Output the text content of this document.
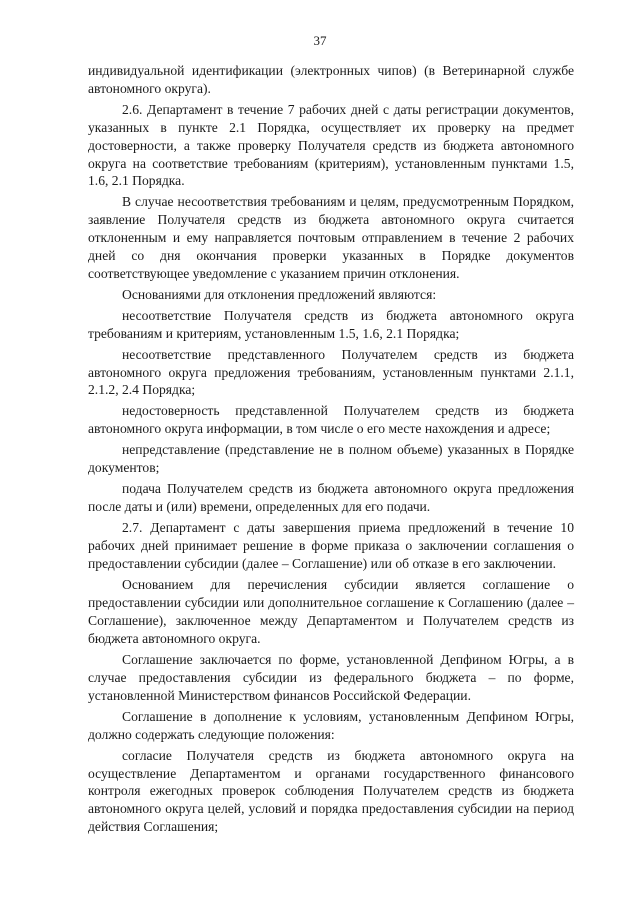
37

индивидуальной идентификации (электронных чипов) (в Ветеринарной службе автономного округа).

2.6. Департамент в течение 7 рабочих дней с даты регистрации документов, указанных в пункте 2.1 Порядка, осуществляет их проверку на предмет достоверности, а также проверку Получателя средств из бюджета автономного округа на соответствие требованиям (критериям), установленным пунктами 1.5, 1.6, 2.1 Порядка.

В случае несоответствия требованиям и целям, предусмотренным Порядком, заявление Получателя средств из бюджета автономного округа считается отклоненным и ему направляется почтовым отправлением в течение 2 рабочих дней со дня окончания проверки указанных в Порядке документов соответствующее уведомление с указанием причин отклонения.

Основаниями для отклонения предложений являются:

несоответствие Получателя средств из бюджета автономного округа требованиям и критериям, установленным 1.5, 1.6, 2.1 Порядка;

несоответствие представленного Получателем средств из бюджета автономного округа предложения требованиям, установленным пунктами 2.1.1, 2.1.2, 2.4 Порядка;

недостоверность представленной Получателем средств из бюджета автономного округа информации, в том числе о его месте нахождения и адресе;

непредставление (представление не в полном объеме) указанных в Порядке документов;

подача Получателем средств из бюджета автономного округа предложения после даты и (или) времени, определенных для его подачи.

2.7. Департамент с даты завершения приема предложений в течение 10 рабочих дней принимает решение в форме приказа о заключении соглашения о предоставлении субсидии (далее – Соглашение) или об отказе в его заключении.

Основанием для перечисления субсидии является соглашение о предоставлении субсидии или дополнительное соглашение к Соглашению (далее – Соглашение), заключенное между Департаментом и Получателем средств из бюджета автономного округа.

Соглашение заключается по форме, установленной Депфином Югры, а в случае предоставления субсидии из федерального бюджета – по форме, установленной Министерством финансов Российской Федерации.

Соглашение в дополнение к условиям, установленным Депфином Югры, должно содержать следующие положения:

согласие Получателя средств из бюджета автономного округа на осуществление Департаментом и органами государственного финансового контроля ежегодных проверок соблюдения Получателем средств из бюджета автономного округа целей, условий и порядка предоставления субсидии на период действия Соглашения;
